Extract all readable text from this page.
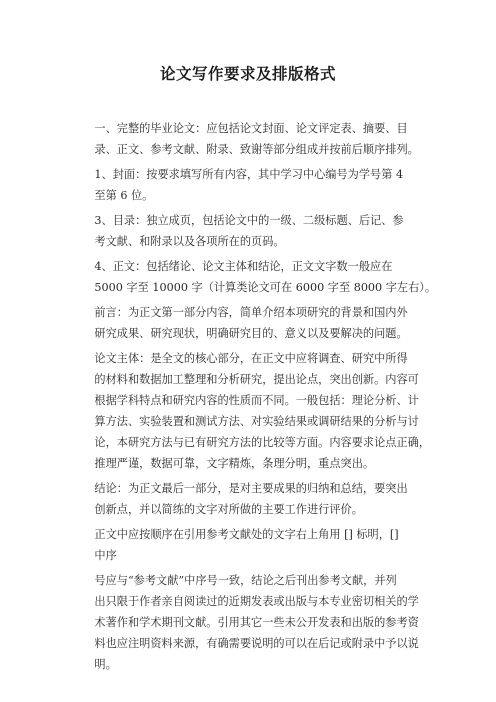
论文写作要求及排版格式
一、完整的毕业论文：应包括论文封面、论文评定表、摘要、目
录、正文、参考文献、附录、致谢等部分组成并按前后顺序排列。
1、封面：按要求填写所有内容，其中学习中心编号为学号第 4
至第 6 位。
3、目录：独立成页，包括论文中的一级、二级标题、后记、参
考文献、和附录以及各项所在的页码。
4、正文：包括绪论、论文主体和结论，正文文字数一般应在
5000 字至 10000 字（计算类论文可在 6000 字至 8000 字左右）。
前言：为正文第一部分内容，简单介绍本项研究的背景和国内外
研究成果、研究现状，明确研究目的、意义以及要解决的问题。
论文主体：是全文的核心部分，在正文中应将调查、研究中所得
的材料和数据加工整理和分析研究，提出论点，突出创新。内容可
根据学科特点和研究内容的性质而不同。一般包括：理论分析、计
算方法、实验装置和测试方法、对实验结果或调研结果的分析与讨
论，本研究方法与已有研究方法的比较等方面。内容要求论点正确，
推理严谨，数据可靠，文字精炼，条理分明，重点突出。
结论：为正文最后一部分，是对主要成果的归纳和总结，要突出
创新点，并以简练的文字对所做的主要工作进行评价。
正文中应按顺序在引用参考文献处的文字右上角用 [] 标明，[]
中序
号应与“参考文献”中序号一致，结论之后刊出参考文献，并列
出只限于作者亲自阅读过的近期发表或出版与本专业密切相关的学
术著作和学术期刊文献。引用其它一些未公开发表和出版的参考资
料也应注明资料来源，有确需要说明的可以在后记或附录中予以说
明。
